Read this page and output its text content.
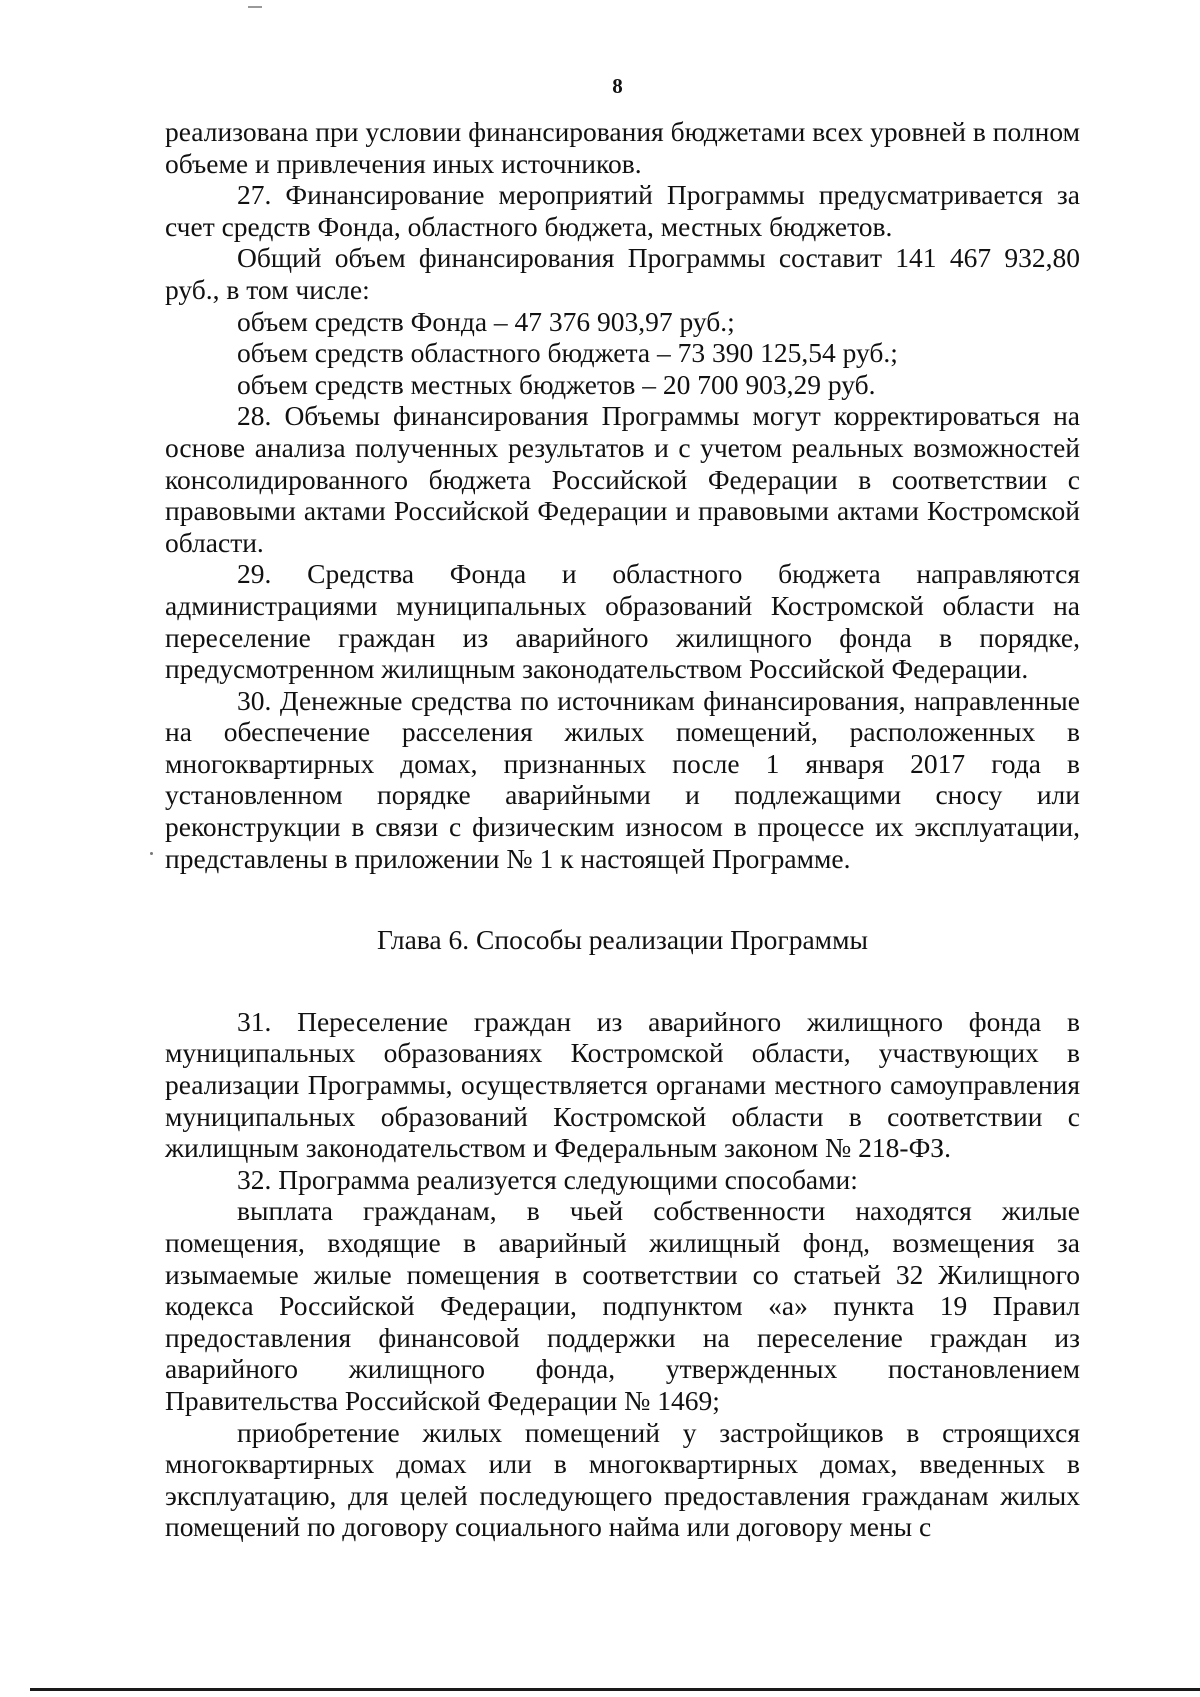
8

реализована при условии финансирования бюджетами всех уровней в полном объеме и привлечения иных источников.

27. Финансирование мероприятий Программы предусматривается за счет средств Фонда, областного бюджета, местных бюджетов.

Общий объем финансирования Программы составит 141 467 932,80 руб., в том числе:

объем средств Фонда – 47 376 903,97 руб.;

объем средств областного бюджета – 73 390 125,54 руб.;

объем средств местных бюджетов – 20 700 903,29 руб.

28. Объемы финансирования Программы могут корректироваться на основе анализа полученных результатов и с учетом реальных возможностей консолидированного бюджета Российской Федерации в соответствии с правовыми актами Российской Федерации и правовыми актами Костромской области.

29. Средства Фонда и областного бюджета направляются администрациями муниципальных образований Костромской области на переселение граждан из аварийного жилищного фонда в порядке, предусмотренном жилищным законодательством Российской Федерации.

30. Денежные средства по источникам финансирования, направленные на обеспечение расселения жилых помещений, расположенных в многоквартирных домах, признанных после 1 января 2017 года в установленном порядке аварийными и подлежащими сносу или реконструкции в связи с физическим износом в процессе их эксплуатации, представлены в приложении № 1 к настоящей Программе.

Глава 6. Способы реализации Программы

31. Переселение граждан из аварийного жилищного фонда в муниципальных образованиях Костромской области, участвующих в реализации Программы, осуществляется органами местного самоуправления муниципальных образований Костромской области в соответствии с жилищным законодательством и Федеральным законом № 218-ФЗ.

32. Программа реализуется следующими способами:

выплата гражданам, в чьей собственности находятся жилые помещения, входящие в аварийный жилищный фонд, возмещения за изымаемые жилые помещения в соответствии со статьей 32 Жилищного кодекса Российской Федерации, подпунктом «а» пункта 19 Правил предоставления финансовой поддержки на переселение граждан из аварийного жилищного фонда, утвержденных постановлением Правительства Российской Федерации № 1469;

приобретение жилых помещений у застройщиков в строящихся многоквартирных домах или в многоквартирных домах, введенных в эксплуатацию, для целей последующего предоставления гражданам жилых помещений по договору социального найма или договору мены с
